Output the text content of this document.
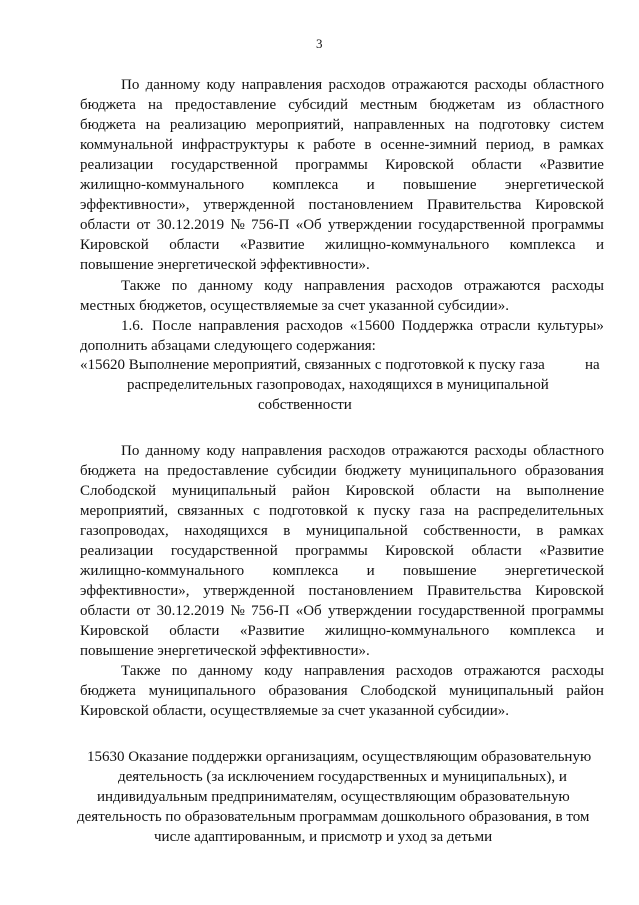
3
По данному коду направления расходов отражаются расходы областного
бюджета на предоставление субсидий местным бюджетам из областного
бюджета на реализацию мероприятий, направленных на подготовку систем
коммунальной инфраструктуры к работе в осенне-зимний период, в рамках
реализации государственной программы Кировской области «Развитие
жилищно-коммунального комплекса и повышение энергетической
эффективности», утвержденной постановлением Правительства Кировской
области от 30.12.2019 № 756-П «Об утверждении государственной программы
Кировской области «Развитие жилищно-коммунального комплекса и
повышение энергетической эффективности».
Также по данному коду направления расходов отражаются расходы
местных бюджетов, осуществляемые за счет указанной субсидии».
1.6. После направления расходов «15600 Поддержка отрасли культуры»
дополнить абзацами следующего содержания:
«15620 Выполнение мероприятий, связанных с подготовкой к пуску газа	на
распределительных газопроводах, находящихся в муниципальной
собственности
По данному коду направления расходов отражаются расходы областного
бюджета на предоставление субсидии бюджету муниципального образования
Слободской муниципальный район Кировской области на выполнение
мероприятий, связанных с подготовкой к пуску газа на распределительных
газопроводах, находящихся в муниципальной собственности, в рамках
реализации государственной программы Кировской области «Развитие
жилищно-коммунального комплекса и повышение энергетической
эффективности», утвержденной постановлением Правительства Кировской
области от 30.12.2019 № 756-П «Об утверждении государственной программы
Кировской области «Развитие жилищно-коммунального комплекса и
повышение энергетической эффективности».
Также по данному коду направления расходов отражаются расходы
бюджета муниципального образования Слободской муниципальный район
Кировской области, осуществляемые за счет указанной субсидии».
15630 Оказание поддержки организациям, осуществляющим образовательную
деятельность (за исключением государственных и муниципальных), и
индивидуальным предпринимателям, осуществляющим образовательную
деятельность по образовательным программам дошкольного образования, в том
числе адаптированным, и присмотр и уход за детьми
